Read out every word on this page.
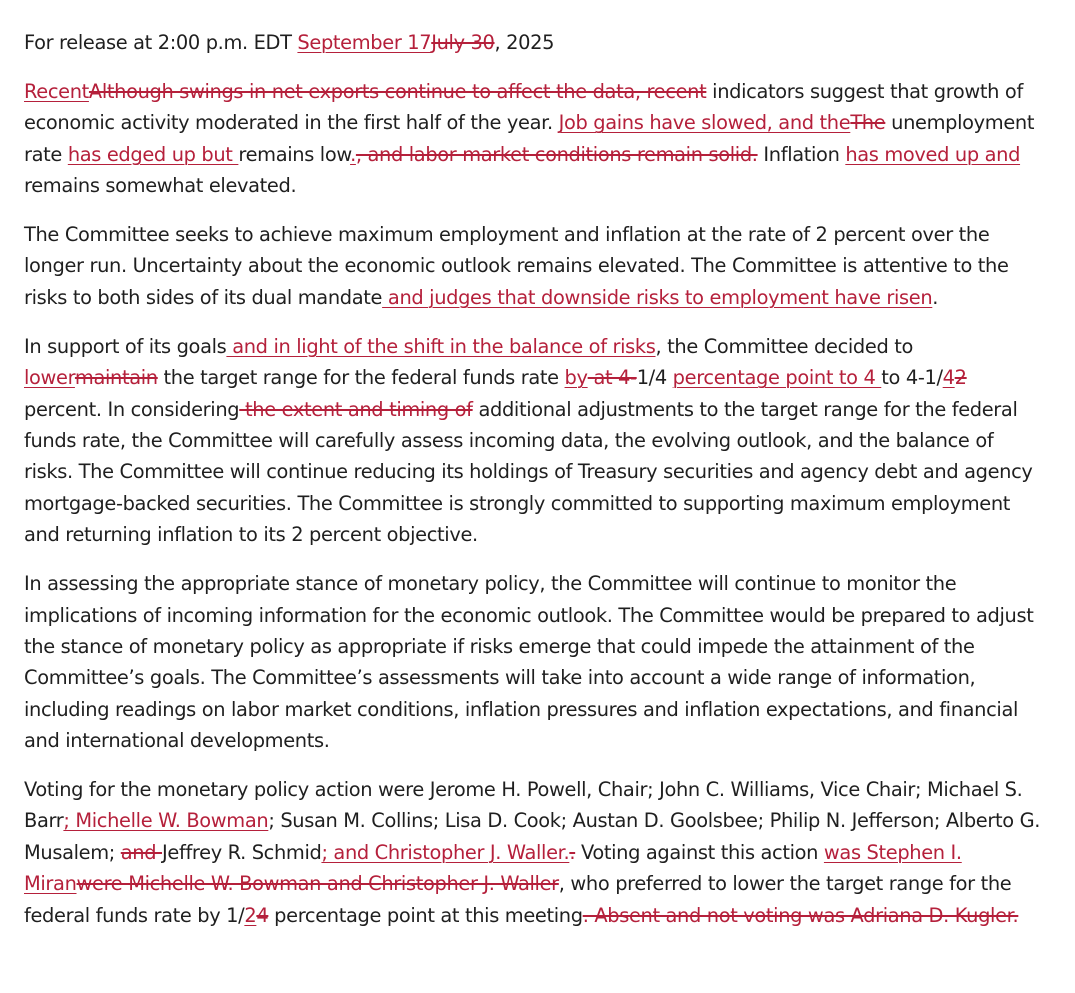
For release at 2:00 p.m. EDT September 17July 30, 2025

RecentAlthough swings in net exports continue to affect the data, recent indicators suggest that growth of economic activity moderated in the first half of the year. Job gains have slowed, and theThe unemployment rate has edged up but remains low., and labor market conditions remain solid. Inflation has moved up and remains somewhat elevated.

The Committee seeks to achieve maximum employment and inflation at the rate of 2 percent over the longer run. Uncertainty about the economic outlook remains elevated. The Committee is attentive to the risks to both sides of its dual mandate and judges that downside risks to employment have risen.

In support of its goals and in light of the shift in the balance of risks, the Committee decided to lowermaintain the target range for the federal funds rate by at 4-1/4 percentage point to 4 to 4-1/42 percent. In considering the extent and timing of additional adjustments to the target range for the federal funds rate, the Committee will carefully assess incoming data, the evolving outlook, and the balance of risks. The Committee will continue reducing its holdings of Treasury securities and agency debt and agency mortgage-backed securities. The Committee is strongly committed to supporting maximum employment and returning inflation to its 2 percent objective.

In assessing the appropriate stance of monetary policy, the Committee will continue to monitor the implications of incoming information for the economic outlook. The Committee would be prepared to adjust the stance of monetary policy as appropriate if risks emerge that could impede the attainment of the Committee’s goals. The Committee’s assessments will take into account a wide range of information, including readings on labor market conditions, inflation pressures and inflation expectations, and financial and international developments.

Voting for the monetary policy action were Jerome H. Powell, Chair; John C. Williams, Vice Chair; Michael S. Barr; Michelle W. Bowman; Susan M. Collins; Lisa D. Cook; Austan D. Goolsbee; Philip N. Jefferson; Alberto G. Musalem; and Jeffrey R. Schmid; and Christopher J. Waller.. Voting against this action was Stephen I. Miranwere Michelle W. Bowman and Christopher J. Waller, who preferred to lower the target range for the federal funds rate by 1/24 percentage point at this meeting. Absent and not voting was Adriana D. Kugler.
